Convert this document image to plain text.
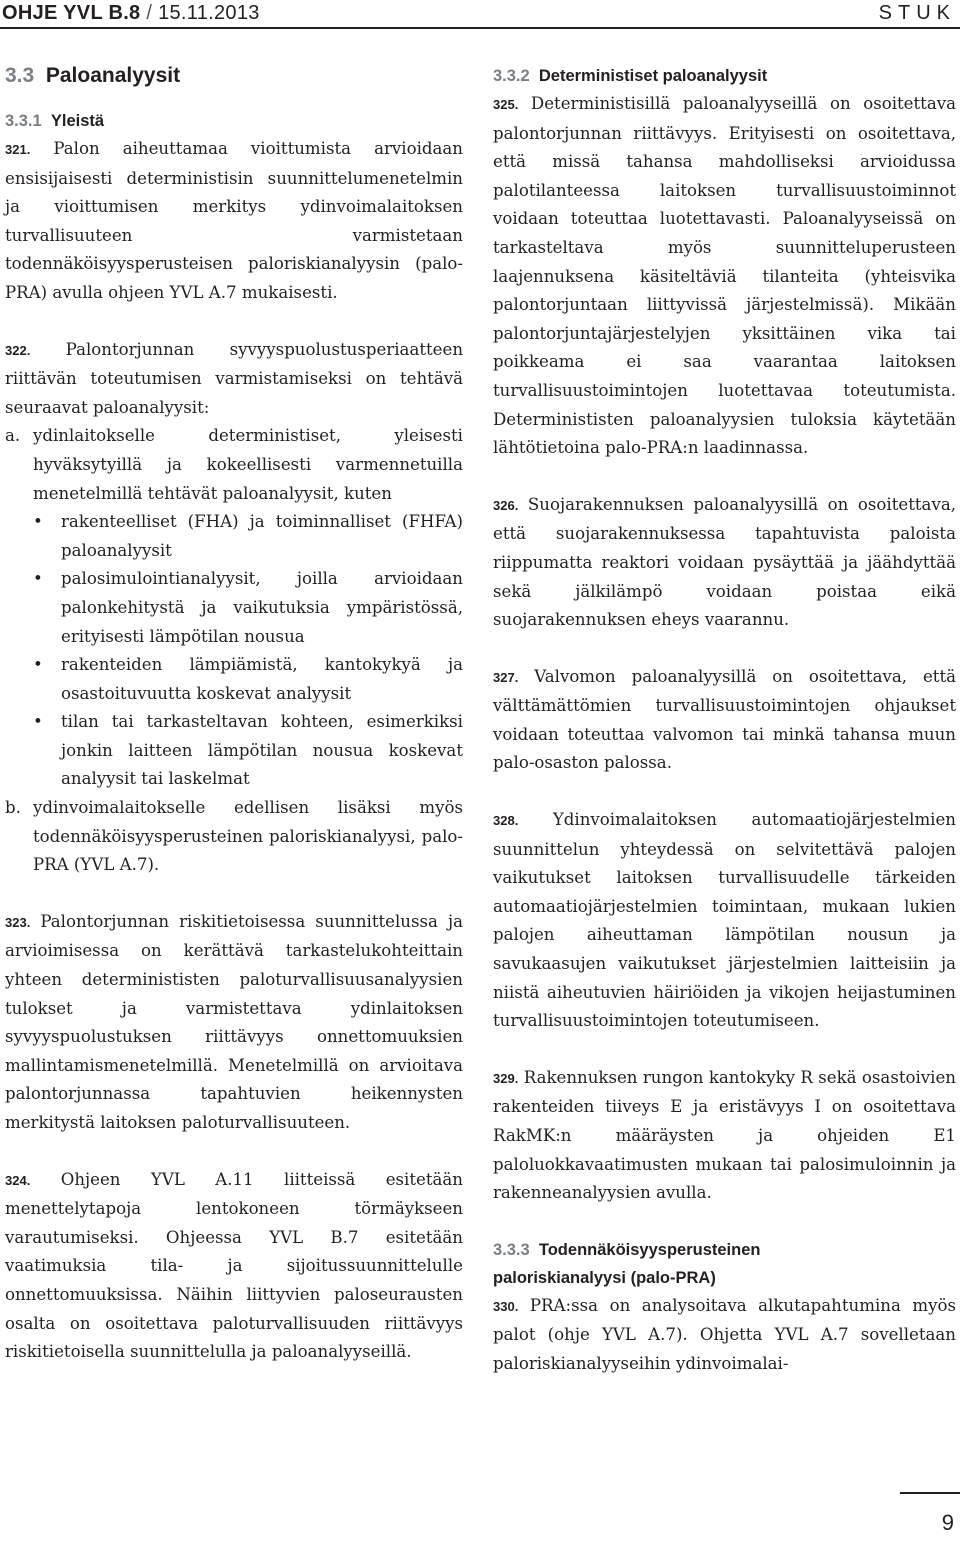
OHJE YVL B.8 / 15.11.2013	STUK

3.3 Paloanalyysit

3.3.1 Yleistä

321. Palon aiheuttamaa vioittumista arvioidaan ensisijaisesti deterministisin suunnittelumenetelmin ja vioittumisen merkitys ydinvoimalaitoksen turvallisuuteen varmistetaan todennäköisyysperusteisen paloriskianalyysin (palo-PRA) avulla ohjeen YVL A.7 mukaisesti.

322. Palontorjunnan syvyyspuolustusperiaatteen riittävän toteutumisen varmistamiseksi on tehtävä seuraavat paloanalyysit:

a. ydinlaitokselle deterministiset, yleisesti hyväksytyillä ja kokeellisesti varmennetuilla menetelmillä tehtävät paloanalyysit, kuten

•	rakenteelliset (FHA) ja toiminnalliset (FHFA) paloanalyysit
•	palosimulointianalyysit, joilla arvioidaan palonkehitystä ja vaikutuksia ympäristössä, erityisesti lämpötilan nousua
•	rakenteiden lämpiämistä, kantokykyä ja osastoituvuutta koskevat analyysit
•	tilan tai tarkasteltavan kohteen, esimerkiksi jonkin laitteen lämpötilan nousua koskevat analyysit tai laskelmat
b. ydinvoimalaitokselle edellisen lisäksi myös todennäköisyysperusteinen paloriskianalyysi, palo-PRA (YVL A.7).

323. Palontorjunnan riskitietoisessa suunnittelussa ja arvioimisessa on kerättävä tarkastelukohteittain yhteen determinististen paloturvallisuusanalyysien tulokset ja varmistettava ydinlaitoksen syvyyspuolustuksen riittävyys onnettomuuksien mallintamismenetelmillä. Menetelmillä on arvioitava palontorjunnassa tapahtuvien heikennysten merkitystä laitoksen paloturvallisuuteen.

324. Ohjeen YVL A.11 liitteissä esitetään menettelytapoja lentokoneen törmäykseen varautumiseksi. Ohjeessa YVL B.7 esitetään vaatimuksia tila- ja sijoitussuunnittelulle onnettomuuksissa. Näihin liittyvien paloseurausten osalta on osoitettava paloturvallisuuden riittävyys riskitietoisella suunnittelulla ja paloanalyyseillä.

3.3.2 Deterministiset paloanalyysit

325. Deterministisillä paloanalyyseillä on osoitettava palontorjunnan riittävyys. Erityisesti on osoitettava, että missä tahansa mahdolliseksi arvioidussa palotilanteessa laitoksen turvallisuustoiminnot voidaan toteuttaa luotettavasti. Paloanalyyseissä on tarkasteltava myös suunnitteluperusteen laajennuksena käsiteltäviä tilanteita (yhteisvika palontorjuntaan liittyvissä järjestelmissä). Mikään palontorjuntajärjestelyjen yksittäinen vika tai poikkeama ei saa vaarantaa laitoksen turvallisuustoimintojen luotettavaa toteutumista. Determinististen paloanalyysien tuloksia käytetään lähtötietoina palo-PRA:n laadinnassa.

326. Suojarakennuksen paloanalyysillä on osoitettava, että suojarakennuksessa tapahtuvista paloista riippumatta reaktori voidaan pysäyttää ja jäähdyttää sekä jälkilämpö voidaan poistaa eikä suojarakennuksen eheys vaarannu.

327. Valvomon paloanalyysillä on osoitettava, että välttämättömien turvallisuustoimintojen ohjaukset voidaan toteuttaa valvomon tai minkä tahansa muun palo-osaston palossa.

328. Ydinvoimalaitoksen automaatiojärjestelmien suunnittelun yhteydessä on selvitettävä palojen vaikutukset laitoksen turvallisuudelle tärkeiden automaatiojärjestelmien toimintaan, mukaan lukien palojen aiheuttaman lämpötilan nousun ja savukaasujen vaikutukset järjestelmien laitteisiin ja niistä aiheutuvien häiriöiden ja vikojen heijastuminen turvallisuustoimintojen toteutumiseen.

329. Rakennuksen rungon kantokyky R sekä osastoivien rakenteiden tiiveys E ja eristävyys I on osoitettava RakMK:n määräysten ja ohjeiden E1 paloluokkavaatimusten mukaan tai palosimuloinnin ja rakenneanalyysien avulla.

3.3.3 Todennäköisyysperusteinen

paloriskianalyysi (palo-PRA)

330. PRA:ssa on analysoitava alkutapahtumina myös palot (ohje YVL A.7). Ohjetta YVL A.7 sovelletaan paloriskianalyyseihin ydinvoimalai-

9
